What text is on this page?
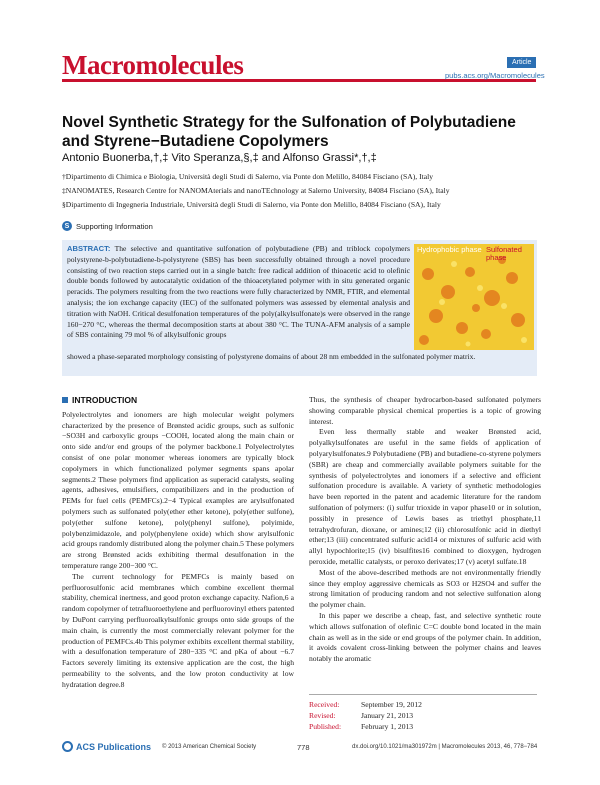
Macromolecules	Article
pubs.acs.org/Macromolecules
Novel Synthetic Strategy for the Sulfonation of Polybutadiene and Styrene−Butadiene Copolymers
Antonio Buonerba,†,‡ Vito Speranza,§,‡ and Alfonso Grassi*,†,‡
†Dipartimento di Chimica e Biologia, Università degli Studi di Salerno, via Ponte don Melillo, 84084 Fisciano (SA), Italy
‡NANOMATES, Research Centre for NANOMAterials and nanoTEchnology at Salerno University, 84084 Fisciano (SA), Italy
§Dipartimento di Ingegneria Industriale, Università degli Studi di Salerno, via Ponte don Melillo, 84084 Fisciano (SA), Italy
S Supporting Information
ABSTRACT: The selective and quantitative sulfonation of polybutadiene (PB) and triblock copolymers polystyrene-b-polybutadiene-b-polystyrene (SBS) has been successfully obtained through a novel procedure consisting of two reaction steps carried out in a single batch: free radical addition of thioacetic acid to olefinic double bonds followed by autocatalytic oxidation of the thioacetylated polymer with in situ generated organic peracids. The polymers resulting from the two reactions were fully characterized by NMR, FTIR, and elemental analysis; the ion exchange capacity (IEC) of the sulfonated polymers was assessed by elemental analysis and titration with NaOH. Critical desulfonation temperatures of the poly(alkylsulfonate)s were observed in the range 160−270 °C, whereas the thermal decomposition starts at about 380 °C. The TUNA-AFM analysis of a sample of SBS containing 79 mol % of alkylsulfonic groups
showed a phase-separated morphology consisting of polystyrene domains of about 28 nm embedded in the sulfonated polymer matrix.
Hydrophobic phase Sulfonated phase
INTRODUCTION

Polyelectrolytes and ionomers are high molecular weight polymers characterized by the presence of Brønsted acidic groups, such as sulfonic −SO3H and carboxylic groups −COOH, located along the main chain or onto side and/or end groups of the polymer backbone.1 Polyelectrolytes consist of one polar monomer whereas ionomers are typically block copolymers in which functionalized polymer segments spans apolar segments.2 These polymers find application as superacid catalysts, sealing agents, adhesives, emulsifiers, compatibilizers and in the production of PEMs for fuel cells (PEMFCs).2−4 Typical examples are arylsulfonated polymers such as sulfonated poly(ether ether ketone), poly(ether sulfone), poly(ether sulfone ketone), poly(phenyl sulfone), polyimide, polybenzimidazole, and poly(phenylene oxide) which show arylsulfonic acid groups randomly distributed along the polymer chain.5 These polymers are strong Brønsted acids exhibiting thermal desulfonation in the temperature range 200−300 °C.

The current technology for PEMFCs is mainly based on perfluorosulfonic acid membranes which combine excellent thermal stability, chemical inertness, and good proton exchange capacity. Nafion,6 a random copolymer of tetrafluoroethylene and perfluorovinyl ethers patented by DuPont carrying perfluoroalkylsulfonic groups onto side groups of the main chain, is currently the most commercially relevant polymer for the production of PEMFCs.4b This polymer exhibits excellent thermal stability, with a desulfonation temperature of 280−335 °C and pKa of about −6.7 Factors severely limiting its extensive application are the cost, the high permeability to the solvents, and the low proton conductivity at low hydratation degree.8

Thus, the synthesis of cheaper hydrocarbon-based sulfonated polymers showing comparable physical chemical properties is a topic of growing interest.

Even less thermally stable and weaker Brønsted acid, polyalkylsulfonates are useful in the same fields of application of polyarylsulfonates.9 Polybutadiene (PB) and butadiene-co-styrene polymers (SBR) are cheap and commercially available polymers suitable for the synthesis of polyelectrolytes and ionomers if a selective and efficient sulfonation procedure is available. A variety of synthetic methodologies have been reported in the patent and academic literature for the random sulfonation of polymers: (i) sulfur trioxide in vapor phase10 or in solution, possibly in presence of Lewis bases as triethyl phosphate,11 tetrahydrofuran, dioxane, or amines;12 (ii) chlorosulfonic acid in diethyl ether;13 (iii) concentrated sulfuric acid14 or mixtures of sulfuric acid with allyl hypochlorite;15 (iv) bisulfites16 combined to dioxygen, hydrogen peroxide, metallic catalysts, or peroxo derivates;17 (v) acetyl sulfate.18

Most of the above-described methods are not environmentally friendly since they employ aggressive chemicals as SO3 or H2SO4 and suffer the strong limitation of producing random and not selective sulfonation along the polymer chain.

In this paper we describe a cheap, fast, and selective synthetic route which allows sulfonation of olefinic C=C double bond located in the main chain as well as in the side or end groups of the polymer chain. In addition, it avoids covalent cross-linking between the polymer chains and leaves notably the aromatic

Received:	September 19, 2012
Revised:	January 21, 2013
Published:	February 1, 2013
ACS Publications © 2013 American Chemical Society	778	dx.doi.org/10.1021/ma301972m | Macromolecules 2013, 46, 778−784
